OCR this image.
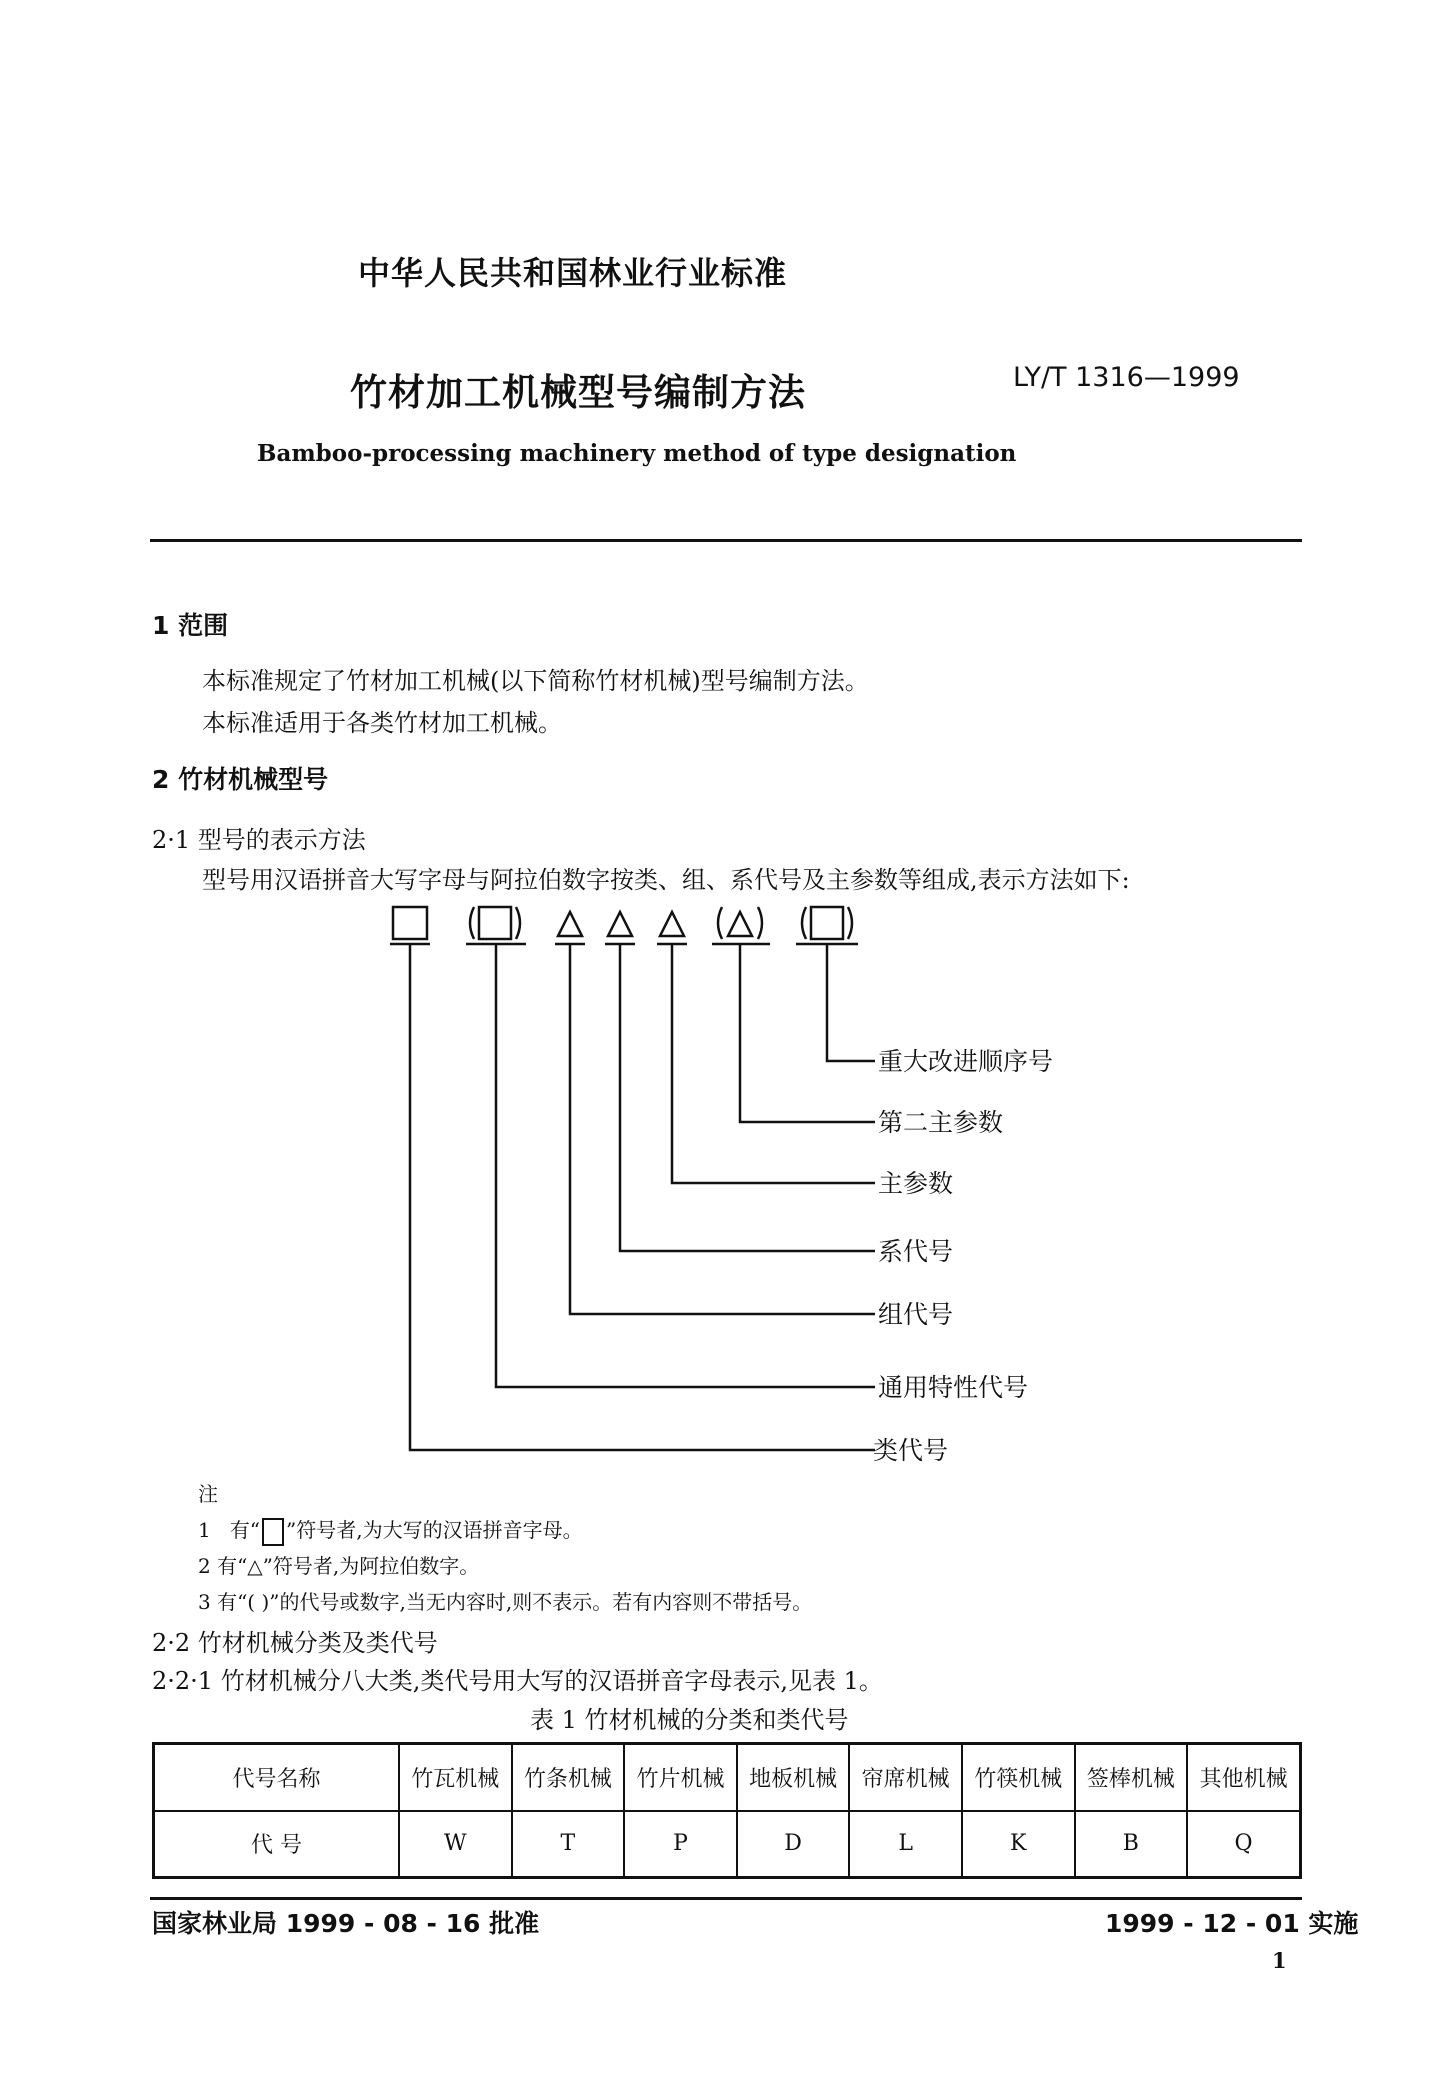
中华人民共和国林业行业标准
竹材加工机械型号编制方法	LY/T 1316—1999
Bamboo-processing machinery method of type designation
1 范围
本标准规定了竹材加工机械(以下简称竹材机械)型号编制方法。
本标准适用于各类竹材加工机械。
2 竹材机械型号
2·1 型号的表示方法
型号用汉语拼音大写字母与阿拉伯数字按类、组、系代号及主参数等组成,表示方法如下:
重大改进顺序号
第二主参数
主参数
系代号
组代号
通用特性代号
类代号
注
1 有“ ”符号者,为大写的汉语拼音字母。
2 有“△”符号者,为阿拉伯数字。
3 有“( )”的代号或数字,当无内容时,则不表示。若有内容则不带括号。
2·2 竹材机械分类及类代号
2·2·1 竹材机械分八大类,类代号用大写的汉语拼音字母表示,见表 1。
表 1 竹材机械的分类和类代号
代号名称	竹瓦机械	竹条机械	竹片机械	地板机械	帘席机械	竹筷机械	签棒机械	其他机械
代 号	W	T	P	D	L	K	B	Q
国家林业局 1999 - 08 - 16 批准	1999 - 12 - 01 实施
1
